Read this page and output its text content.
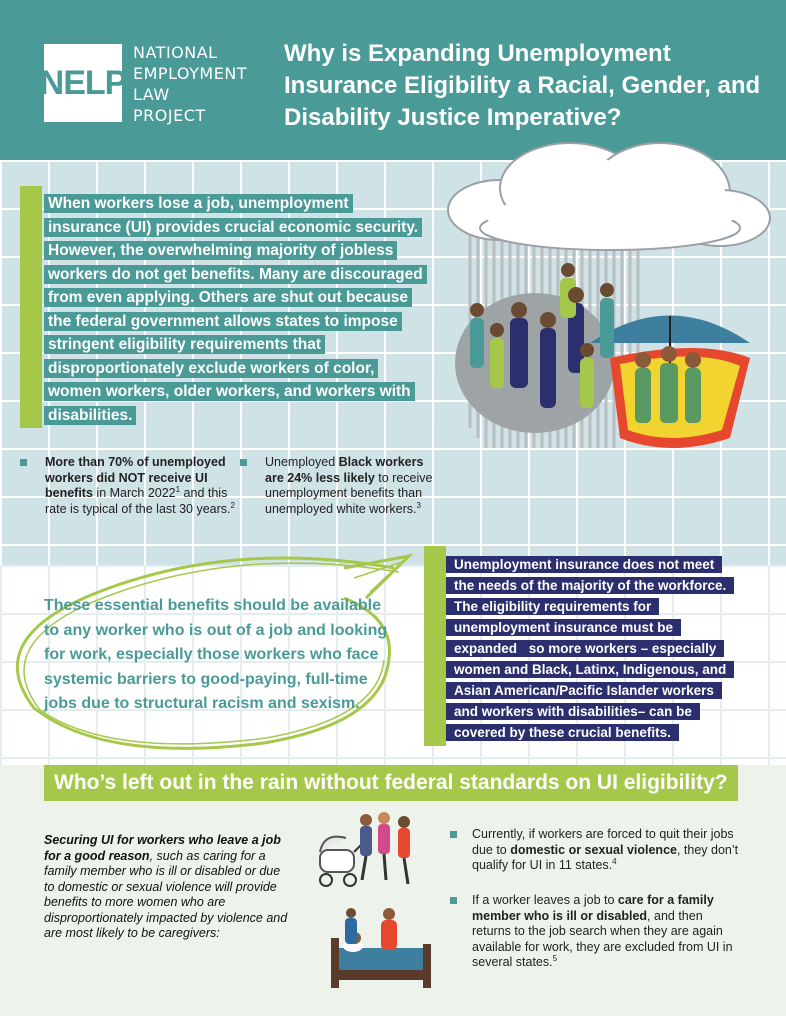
NELP
NATIONAL
EMPLOYMENT
LAW
PROJECT
Why is Expanding Unemployment Insurance Eligibility a Racial, Gender, and Disability Justice Imperative?
When workers lose a job, unemployment insurance (UI) provides crucial economic security. However, the overwhelming majority of jobless workers do not get benefits. Many are discouraged from even applying. Others are shut out because the federal government allows states to impose stringent eligibility requirements that disproportionately exclude workers of color, women workers, older workers, and workers with disabilities.
More than 70% of unemployed workers did NOT receive UI benefits in March 2022$^1$ and this rate is typical of the last 30 years.$^2$
Unemployed Black workers are 24% less likely to receive unemployment benefits than unemployed white workers.$^3$
These essential benefits should be available to any worker who is out of a job and looking for work, especially those workers who face systemic barriers to good-paying, full-time jobs due to structural racism and sexism.
Unemployment insurance does not meet the needs of the majority of the workforce. The eligibility requirements for unemployment insurance must be expanded so more workers – especially women and Black, Latinx, Indigenous, and Asian American/Pacific Islander workers and workers with disabilities– can be covered by these crucial benefits.
Who’s left out in the rain without federal standards on UI eligibility?
Securing UI for workers who leave a job for a good reason, such as caring for a family member who is ill or disabled or due to domestic or sexual violence will provide benefits to more women who are disproportionately impacted by violence and are most likely to be caregivers:
Currently, if workers are forced to quit their jobs due to domestic or sexual violence, they don’t qualify for UI in 11 states.$^4$
If a worker leaves a job to care for a family member who is ill or disabled, and then returns to the job search when they are again available for work, they are excluded from UI in several states.$^5$
